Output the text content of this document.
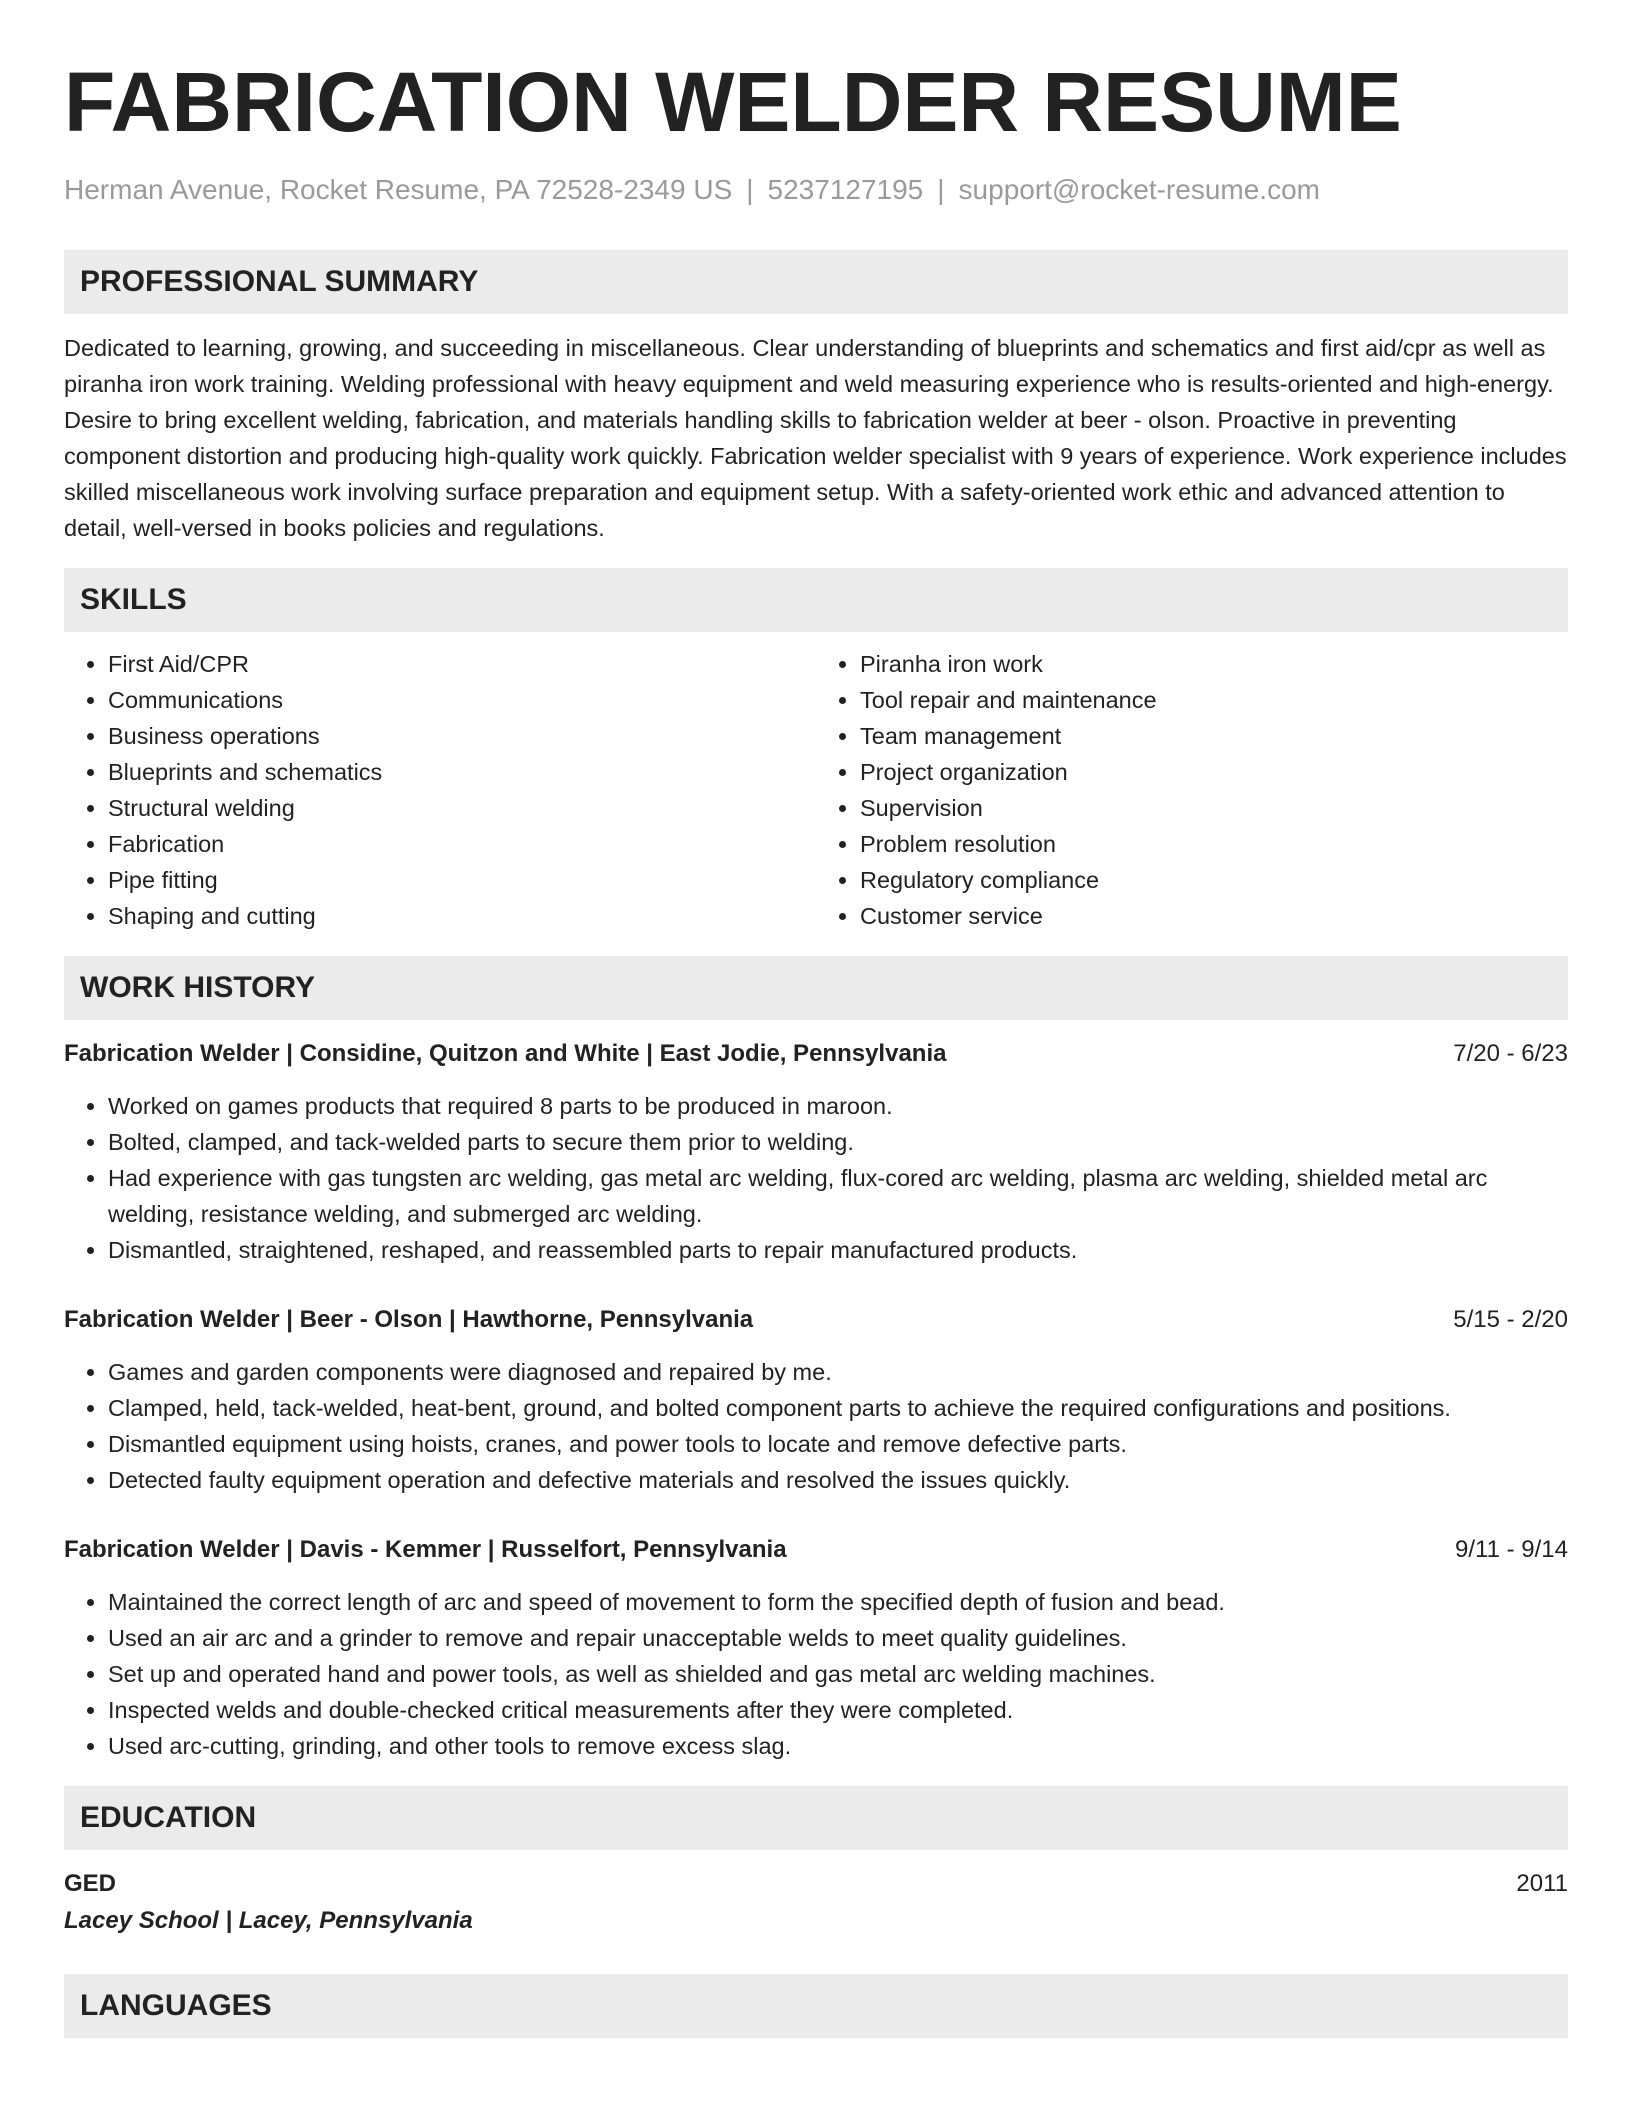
FABRICATION WELDER RESUME
Herman Avenue, Rocket Resume, PA 72528-2349 US | 5237127195 | support@rocket-resume.com
PROFESSIONAL SUMMARY

Dedicated to learning, growing, and succeeding in miscellaneous. Clear understanding of blueprints and schematics and first aid/cpr as well as piranha iron work training. Welding professional with heavy equipment and weld measuring experience who is results-oriented and high-energy. Desire to bring excellent welding, fabrication, and materials handling skills to fabrication welder at beer - olson. Proactive in preventing component distortion and producing high-quality work quickly. Fabrication welder specialist with 9 years of experience. Work experience includes skilled miscellaneous work involving surface preparation and equipment setup. With a safety-oriented work ethic and advanced attention to detail, well-versed in books policies and regulations.

SKILLS
• First Aid/CPR
• Communications
• Business operations
• Blueprints and schematics
• Structural welding
• Fabrication
• Pipe fitting
• Shaping and cutting
• Piranha iron work
• Tool repair and maintenance
• Team management
• Project organization
• Supervision
• Problem resolution
• Regulatory compliance
• Customer service
WORK HISTORY
Fabrication Welder | Considine, Quitzon and White | East Jodie, Pennsylvania	7/20 - 6/23
• Worked on games products that required 8 parts to be produced in maroon.
• Bolted, clamped, and tack-welded parts to secure them prior to welding.
• Had experience with gas tungsten arc welding, gas metal arc welding, flux-cored arc welding, plasma arc welding, shielded metal arc welding, resistance welding, and submerged arc welding.
• Dismantled, straightened, reshaped, and reassembled parts to repair manufactured products.
Fabrication Welder | Beer - Olson | Hawthorne, Pennsylvania	5/15 - 2/20
• Games and garden components were diagnosed and repaired by me.
• Clamped, held, tack-welded, heat-bent, ground, and bolted component parts to achieve the required configurations and positions.
• Dismantled equipment using hoists, cranes, and power tools to locate and remove defective parts.
• Detected faulty equipment operation and defective materials and resolved the issues quickly.
Fabrication Welder | Davis - Kemmer | Russelfort, Pennsylvania	9/11 - 9/14
• Maintained the correct length of arc and speed of movement to form the specified depth of fusion and bead.
• Used an air arc and a grinder to remove and repair unacceptable welds to meet quality guidelines.
• Set up and operated hand and power tools, as well as shielded and gas metal arc welding machines.
• Inspected welds and double-checked critical measurements after they were completed.
• Used arc-cutting, grinding, and other tools to remove excess slag.
EDUCATION
GED	2011
Lacey School | Lacey, Pennsylvania
LANGUAGES
